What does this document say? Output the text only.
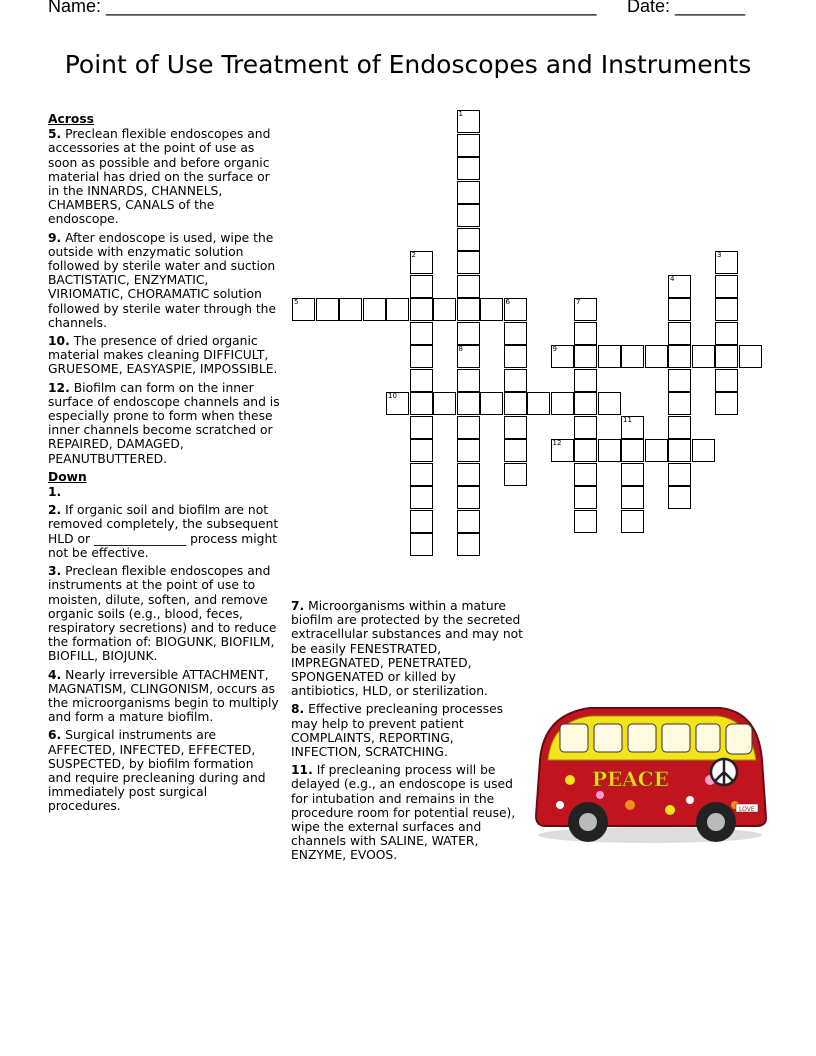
Name: _________________________________________________ Date: _______
Point of Use Treatment of Endoscopes and Instruments
Across
5. Preclean flexible endoscopes and accessories at the point of use as soon as possible and before organic material has dried on the surface or in the INNARDS, CHANNELS, CHAMBERS, CANALS of the endoscope.
9. After endoscope is used, wipe the outside with enzymatic solution followed by sterile water and suction BACTISTATIC, ENZYMATIC, VIRIOMATIC, CHORAMATIC solution followed by sterile water through the channels.
10. The presence of dried organic material makes cleaning DIFFICULT, GRUESOME, EASYASPIE, IMPOSSIBLE.
12. Biofilm can form on the inner surface of endoscope channels and is especially prone to form when these inner channels become scratched or REPAIRED, DAMAGED, PEANUTBUTTERED.
Down
1.
2. If organic soil and biofilm are not removed completely, the subsequent HLD or _______________ process might not be effective.
3. Preclean flexible endoscopes and instruments at the point of use to moisten, dilute, soften, and remove organic soils (e.g., blood, feces, respiratory secretions) and to reduce the formation of: BIOGUNK, BIOFILM, BIOFILL, BIOJUNK.
4. Nearly irreversible ATTACHMENT, MAGNATISM, CLINGONISM, occurs as the microorganisms begin to multiply and form a mature biofilm.
6. Surgical instruments are AFFECTED, INFECTED, EFFECTED, SUSPECTED, by biofilm formation and require precleaning during and immediately post surgical procedures.
7. Microorganisms within a mature biofilm are protected by the secreted extracellular substances and may not be easily FENESTRATED, IMPREGNATED, PENETRATED, SPONGENATED or killed by antibiotics, HLD, or sterilization.
8. Effective precleaning processes may help to prevent patient COMPLAINTS, REPORTING, INFECTION, SCRATCHING.
11. If precleaning process will be delayed (e.g., an endoscope is used for intubation and remains in the procedure room for potential reuse), wipe the external surfaces and channels with SALINE, WATER, ENZYME, EVOOS.
1
2	3
4
5	6	7
8	9
10
11
12
PEACE
LOVE
